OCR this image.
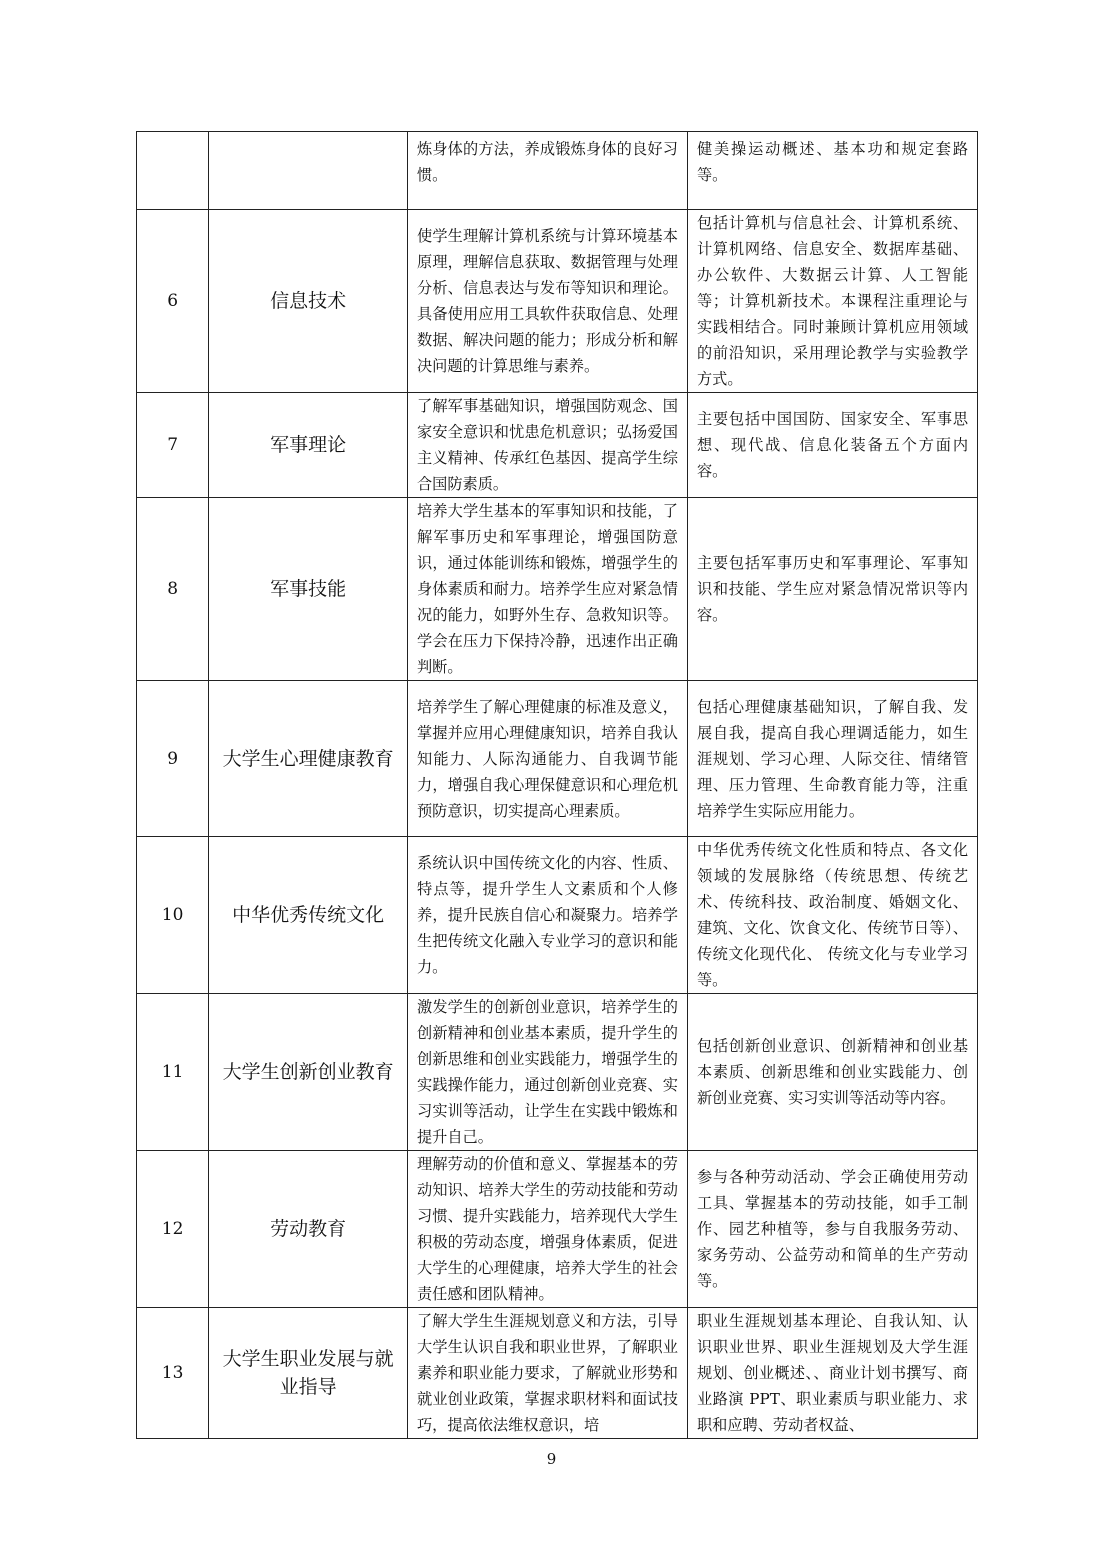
		炼身体的方法，养成锻炼身体的良好习惯。	健美操运动概述、基本功和规定套路等。

6	信息技术	使学生理解计算机系统与计算环境基本原理，理解信息获取、数据管理与处理分析、信息表达与发布等知识和理论。具备使用应用工具软件获取信息、处理数据、解决问题的能力；形成分析和解决问题的计算思维与素养。	包括计算机与信息社会、计算机系统、计算机网络、信息安全、数据库基础、办公软件、大数据云计算、人工智能等；计算机新技术。本课程注重理论与实践相结合。同时兼顾计算机应用领域的前沿知识，采用理论教学与实验教学方式。

7	军事理论	了解军事基础知识，增强国防观念、国家安全意识和忧患危机意识；弘扬爱国主义精神、传承红色基因、提高学生综合国防素质。	主要包括中国国防、国家安全、军事思想、现代战、信息化装备五个方面内容。

8	军事技能	培养大学生基本的军事知识和技能，了解军事历史和军事理论，增强国防意识，通过体能训练和锻炼，增强学生的身体素质和耐力。培养学生应对紧急情况的能力，如野外生存、急救知识等。学会在压力下保持冷静，迅速作出正确判断。	主要包括军事历史和军事理论、军事知识和技能、学生应对紧急情况常识等内容。

9	大学生心理健康教育	培养学生了解心理健康的标准及意义，掌握并应用心理健康知识，培养自我认知能力、人际沟通能力、自我调节能力，增强自我心理保健意识和心理危机预防意识，切实提高心理素质。	包括心理健康基础知识，了解自我、发展自我，提高自我心理调适能力，如生涯规划、学习心理、人际交往、情绪管理、压力管理、生命教育能力等，注重培养学生实际应用能力。

10	中华优秀传统文化	系统认识中国传统文化的内容、性质、特点等，提升学生人文素质和个人修养，提升民族自信心和凝聚力。培养学生把传统文化融入专业学习的意识和能力。	中华优秀传统文化性质和特点、各文化领域的发展脉络（传统思想、传统艺术、传统科技、政治制度、婚姻文化、建筑、文化、饮食文化、传统节日等）、传统文化现代化、 传统文化与专业学习等。

11	大学生创新创业教育	激发学生的创新创业意识，培养学生的创新精神和创业基本素质，提升学生的创新思维和创业实践能力，增强学生的实践操作能力，通过创新创业竞赛、实习实训等活动，让学生在实践中锻炼和提升自己。	包括创新创业意识、创新精神和创业基本素质、创新思维和创业实践能力、创新创业竞赛、实习实训等活动等内容。

12	劳动教育	理解劳动的价值和意义、掌握基本的劳动知识、培养大学生的劳动技能和劳动习惯、提升实践能力，培养现代大学生积极的劳动态度，增强身体素质，促进大学生的心理健康，培养大学生的社会责任感和团队精神。	参与各种劳动活动、学会正确使用劳动工具、掌握基本的劳动技能，如手工制作、园艺种植等，参与自我服务劳动、家务劳动、公益劳动和简单的生产劳动等。

13	大学生职业发展与就业指导	了解大学生生涯规划意义和方法，引导大学生认识自我和职业世界，了解职业素养和职业能力要求，了解就业形势和就业创业政策，掌握求职材料和面试技巧，提高依法维权意识，培	职业生涯规划基本理论、自我认知、认识职业世界、职业生涯规划及大学生涯规划、创业概述、、商业计划书撰写、商业路演 PPT、职业素质与职业能力、求职和应聘、劳动者权益、
9
